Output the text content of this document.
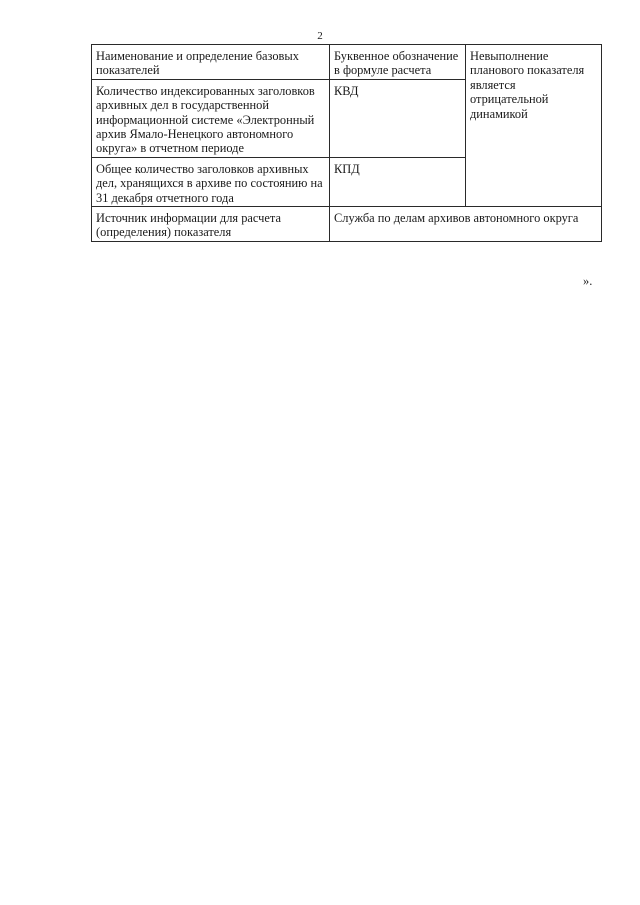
2
Наименование и определение базовых показателей	Буквенное обозначение в формуле расчета	Невыполнение планового показателя является отрицательной динамикой
Количество индексированных заголовков архивных дел в государственной информационной системе «Электронный архив Ямало-Ненецкого автономного округа» в отчетном периоде	КВД	
Общее количество заголовков архивных дел, хранящихся в архиве по состоянию на 31 декабря отчетного года	КПД	
Источник информации для расчета (определения) показателя	Служба по делам архивов автономного округа	
».
